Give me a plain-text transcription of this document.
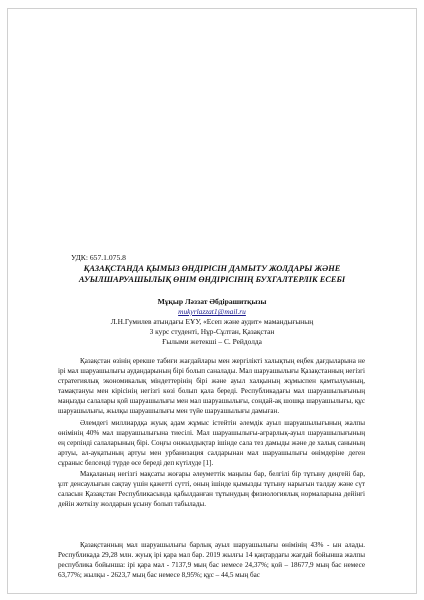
УДК: 657.1.075.8
ҚАЗАҚСТАНДА ҚЫМЫЗ ӨНДІРІСІН ДАМЫТУ ЖОЛДАРЫ ЖӘНЕ
АУЫЛШАРУАШЫЛЫҚ ӨНІМ ӨНДІРІСІНІҢ БУХГАЛТЕРЛІК ЕСЕБІ
Мұқыр Ләззат Әбдірашитқызы
mukyrlazzat1@mail.ru
Л.Н.Гумилев атындағы ЕҰУ, «Есеп және аудит» мамандығының
3 курс студенті, Нұр-Сұлтан, Қазақстан
Ғылыми жетекші – С. Рейдолда

Қазақстан өзінің ерекше табиғи жағдайлары мен жергілікті халықтың еңбек дағдыларына не ірі мал шаруашылығы аудандарының бірі болып саналады. Мал шаруашылығы Қазақстанның негізгі стратегиялық экономикалық міндеттерінің бірі және ауыл халқының жұмыспен қамтылуының, тамақтануы мен кірісінің негізгі көзі болып қала береді. Республикадағы мал шаруашылығының маңызды салалары қой шаруашылығы мен мал шаруашылығы, сондай-ақ шошқа шаруашылығы, құс шаруашылығы, жылқы шаруашылығы мен түйе шаруашылығы дамыған.

Әлемдегі миллиардқа жуық адам жұмыс істейтін әлемдік ауыл шаруашылығының жалпы өнімінің 40% мал шаруашылығына тиесілі. Мал шаруашылығы-аграрлық-ауыл шаруашылығының ең серпінді салаларының бірі. Соңғы онжылдықтар ішінде сала тез дамыды және де халық санының артуы, ал-ауқатының артуы мен урбанизация салдарынан мал шаруашылығы өнімдеріне деген сұраныс белсенді түрде өсе береді деп күтілуде [1].

Мақаланың негізгі мақсаты жоғары әлеуметтік маңызы бар, белгілі бір тұтыну деңгейі бар, ұлт денсаулығын сақтау үшін қажетті сүтті, оның ішінде қымызды тұтыну нарығын талдау және сүт саласын Қазақстан Республикасында қабылданған тұтынудың физиологиялық нормаларына дейінгі дейін жеткізу жолдарын ұсыну болып табылады.

Қазақстанның мал шаруашылығы барлық ауыл шаруашылығы өнімінің 43% - ын алады. Республикада 29,28 млн. жуық ірі қара мал бар. 2019 жылғы 14 қаңтардағы жағдай бойынша жалпы республика бойынша: ірі қара мал - 7137,9 мың бас немесе 24,37%; қой – 18677,9 мың бас немесе 63,77%; жылқы - 2623,7 мың бас немесе 8,95%; құс – 44,5 мың бас
